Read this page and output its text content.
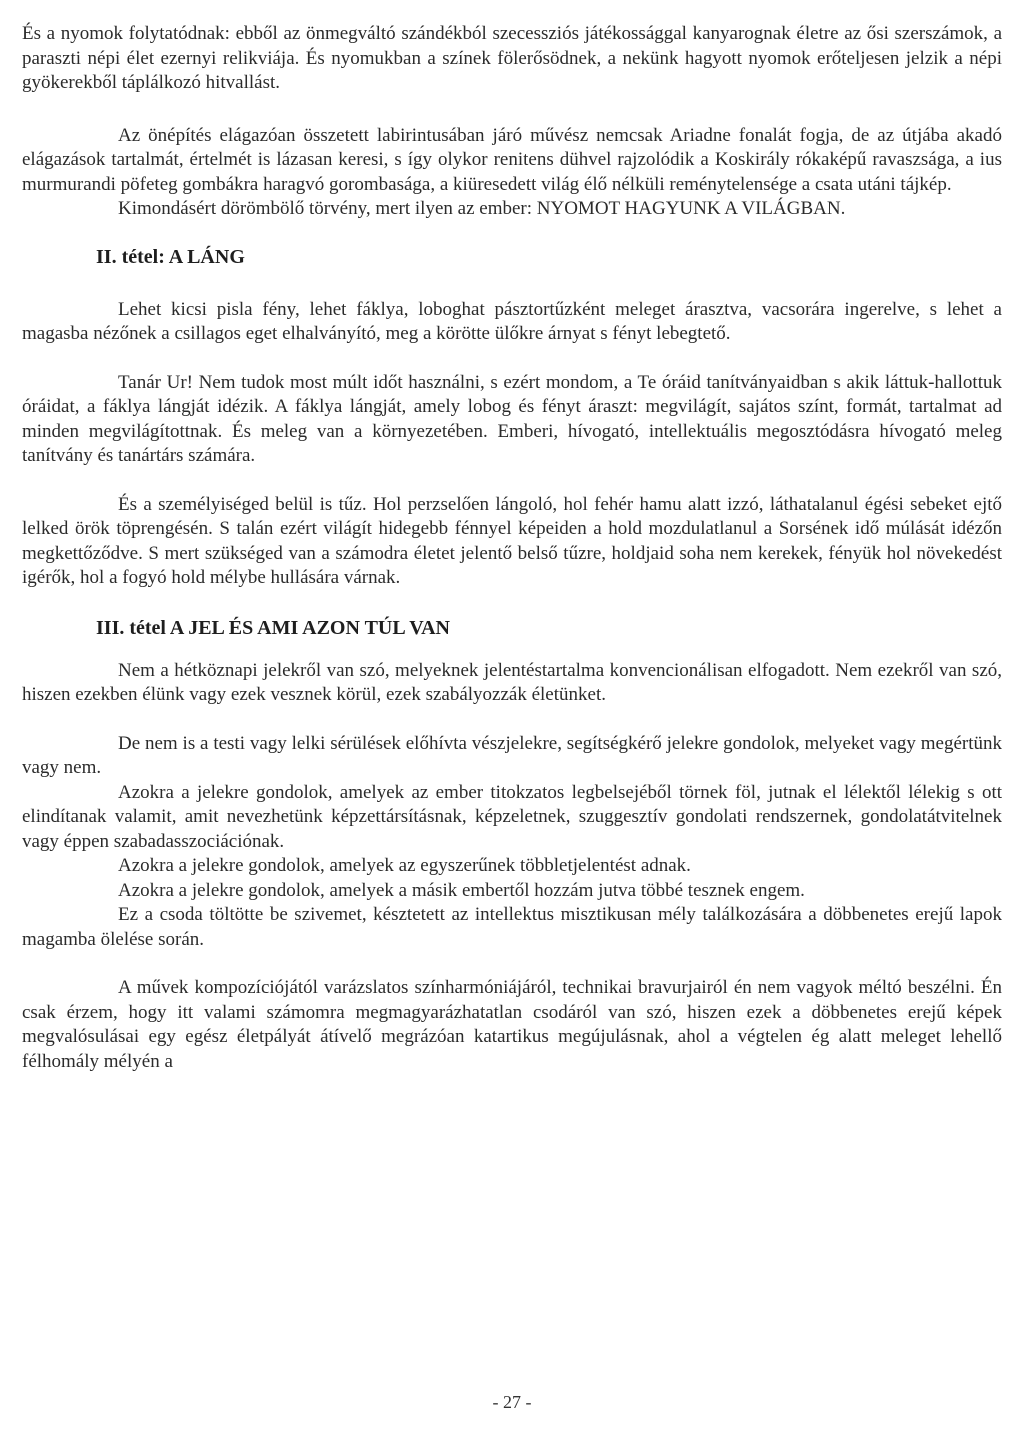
És a nyomok folytatódnak: ebből az önmegváltó szándékból szecessziós játékossággal kanyarognak életre az ősi szerszámok, a paraszti népi élet ezernyi relikviája. És nyomukban a színek fölerősödnek, a nekünk hagyott nyomok erőteljesen jelzik a népi gyökerekből táplálkozó hitvallást.

Az önépítés elágazóan összetett labirintusában járó művész nemcsak Ariadne fonalát fogja, de az útjába akadó elágazások tartalmát, értelmét is lázasan keresi, s így olykor renitens dühvel rajzolódik a Koskirály rókaképű ravaszsága, a ius murmurandi pöfeteg gombákra haragvó gorombasága, a kiüresedett világ élő nélküli reménytelensége a csata utáni tájkép.

Kimondásért dörömbölő törvény, mert ilyen az ember: NYOMOT HAGYUNK A VILÁGBAN.

II. tétel: A LÁNG

Lehet kicsi pisla fény, lehet fáklya, loboghat pásztortűzként meleget árasztva, vacsorára ingerelve, s lehet a magasba nézőnek a csillagos eget elhalványító, meg a körötte ülőkre árnyat s fényt lebegtető.

Tanár Ur! Nem tudok most múlt időt használni, s ezért mondom, a Te óráid tanítványaidban s akik láttuk-hallottuk óráidat, a fáklya lángját idézik. A fáklya lángját, amely lobog és fényt áraszt: megvilágít, sajátos színt, formát, tartalmat ad minden megvilágítottnak. És meleg van a környezetében. Emberi, hívogató, intellektuális megosztódásra hívogató meleg tanítvány és tanártárs számára.

És a személyiséged belül is tűz. Hol perzselően lángoló, hol fehér hamu alatt izzó, láthatalanul égési sebeket ejtő lelked örök töprengésén. S talán ezért világít hidegebb fénnyel képeiden a hold mozdulatlanul a Sorsének idő múlását idézőn megkettőződve. S mert szükséged van a számodra életet jelentő belső tűzre, holdjaid soha nem kerekek, fényük hol növekedést igérők, hol a fogyó hold mélybe hullására várnak.

III. tétel A JEL ÉS AMI AZON TÚL VAN

Nem a hétköznapi jelekről van szó, melyeknek jelentéstartalma konvencionálisan elfogadott. Nem ezekről van szó, hiszen ezekben élünk vagy ezek vesznek körül, ezek szabályozzák életünket.

De nem is a testi vagy lelki sérülések előhívta vészjelekre, segítségkérő jelekre gondolok, melyeket vagy megértünk vagy nem.

Azokra a jelekre gondolok, amelyek az ember titokzatos legbelsejéből törnek föl, jutnak el lélektől lélekig s ott elindítanak valamit, amit nevezhetünk képzettársításnak, képzeletnek, szuggesztív gondolati rendszernek, gondolatátvitelnek vagy éppen szabadasszociációnak.

Azokra a jelekre gondolok, amelyek az egyszerűnek többletjelentést adnak.

Azokra a jelekre gondolok, amelyek a másik embertől hozzám jutva többé tesznek engem.

Ez a csoda töltötte be szivemet, késztetett az intellektus misztikusan mély találkozására a döbbenetes erejű lapok magamba ölelése során.

A művek kompozíciójától varázslatos színharmóniájáról, technikai bravurjairól én nem vagyok méltó beszélni. Én csak érzem, hogy itt valami számomra megmagyarázhatatlan csodáról van szó, hiszen ezek a döbbenetes erejű képek megvalósulásai egy egész életpályát átívelő megrázóan katartikus megújulásnak, ahol a végtelen ég alatt meleget lehellő félhomály mélyén a

- 27 -
